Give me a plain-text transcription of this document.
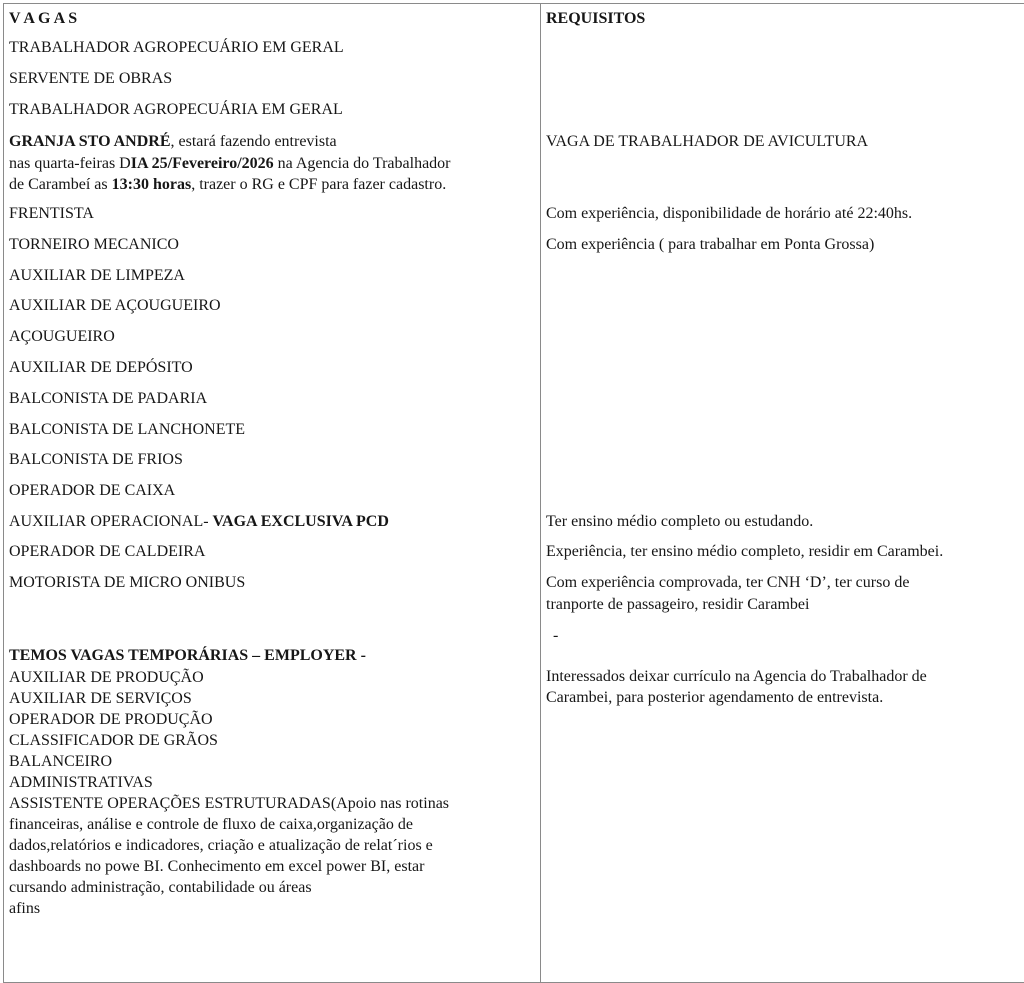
V A G A S	REQUISITOS
TRABALHADOR AGROPECUÁRIO EM GERAL
SERVENTE DE OBRAS
TRABALHADOR AGROPECUÁRIA EM GERAL
GRANJA STO ANDRÉ, estará fazendo entrevista
nas quarta-feiras DIA 25/Fevereiro/2026 na Agencia do Trabalhador
de Carambeí as 13:30 horas, trazer o RG e CPF para fazer cadastro.
FRENTISTA
TORNEIRO MECANICO
AUXILIAR DE LIMPEZA
AUXILIAR DE AÇOUGUEIRO
AÇOUGUEIRO
AUXILIAR DE DEPÓSITO
BALCONISTA DE PADARIA
BALCONISTA DE LANCHONETE
BALCONISTA DE FRIOS
OPERADOR DE CAIXA
AUXILIAR OPERACIONAL- VAGA EXCLUSIVA PCD
OPERADOR DE CALDEIRA
MOTORISTA DE MICRO ONIBUS
TEMOS VAGAS TEMPORÁRIAS – EMPLOYER -
AUXILIAR DE PRODUÇÃO
AUXILIAR DE SERVIÇOS
OPERADOR DE PRODUÇÃO
CLASSIFICADOR DE GRÃOS
BALANCEIRO
ADMINISTRATIVAS
ASSISTENTE OPERAÇÕES ESTRUTURADAS(Apoio nas rotinas
financeiras, análise e controle de fluxo de caixa,organização de
dados,relatórios e indicadores, criação e atualização de relat´rios e
dashboards no powe BI. Conhecimento em excel power BI, estar
cursando administração, contabilidade ou áreas
afins
VAGA DE TRABALHADOR DE AVICULTURA
Com experiência, disponibilidade de horário até 22:40hs.
Com experiência ( para trabalhar em Ponta Grossa)
Ter ensino médio completo ou estudando.
Experiência, ter ensino médio completo, residir em Carambei.
Com experiência comprovada, ter CNH ‘D’, ter curso de
tranporte de passageiro, residir Carambei
-
Interessados deixar currículo na Agencia do Trabalhador de
Carambei, para posterior agendamento de entrevista.
